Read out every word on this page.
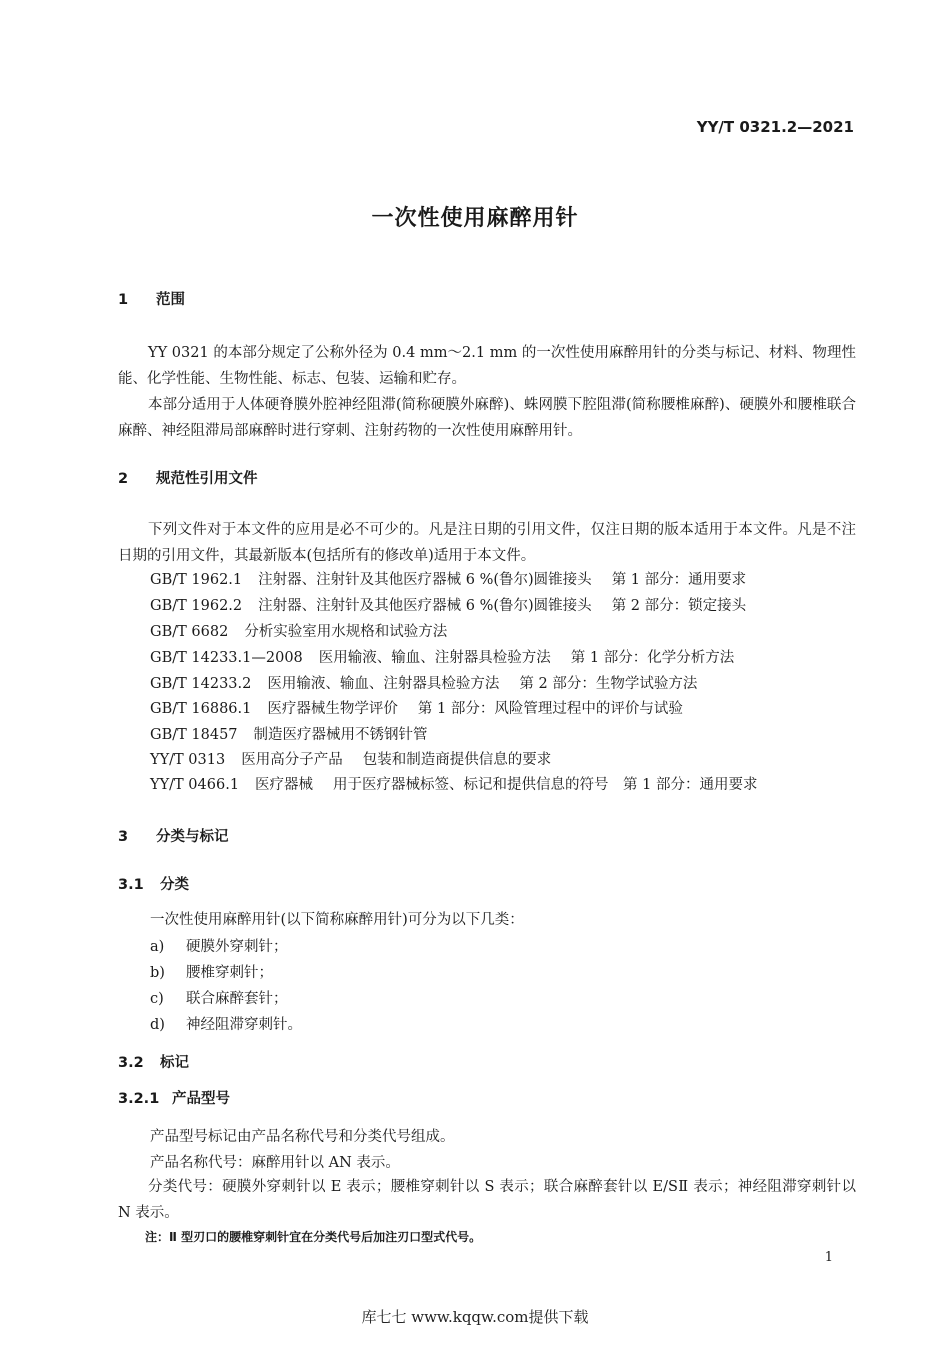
YY/T 0321.2—2021
一次性使用麻醉用针
1 范围
YY 0321 的本部分规定了公称外径为 0.4 mm～2.1 mm 的一次性使用麻醉用针的分类与标记、材料、物理性能、化学性能、生物性能、标志、包装、运输和贮存。
本部分适用于人体硬脊膜外腔神经阻滞(简称硬膜外麻醉)、蛛网膜下腔阻滞(简称腰椎麻醉)、硬膜外和腰椎联合麻醉、神经阻滞局部麻醉时进行穿刺、注射药物的一次性使用麻醉用针。
2 规范性引用文件
下列文件对于本文件的应用是必不可少的。凡是注日期的引用文件，仅注日期的版本适用于本文件。凡是不注日期的引用文件，其最新版本(包括所有的修改单)适用于本文件。
GB/T 1962.1 注射器、注射针及其他医疗器械 6 %(鲁尔)圆锥接头 第 1 部分：通用要求
GB/T 1962.2 注射器、注射针及其他医疗器械 6 %(鲁尔)圆锥接头 第 2 部分：锁定接头
GB/T 6682 分析实验室用水规格和试验方法
GB/T 14233.1—2008 医用输液、输血、注射器具检验方法 第 1 部分：化学分析方法
GB/T 14233.2 医用输液、输血、注射器具检验方法 第 2 部分：生物学试验方法
GB/T 16886.1 医疗器械生物学评价 第 1 部分：风险管理过程中的评价与试验
GB/T 18457 制造医疗器械用不锈钢针管
YY/T 0313 医用高分子产品 包装和制造商提供信息的要求
YY/T 0466.1 医疗器械 用于医疗器械标签、标记和提供信息的符号　第 1 部分：通用要求
3 分类与标记
3.1 分类
一次性使用麻醉用针(以下简称麻醉用针)可分为以下几类：
a) 硬膜外穿刺针；
b) 腰椎穿刺针；
c) 联合麻醉套针；
d) 神经阻滞穿刺针。
3.2 标记
3.2.1 产品型号
产品型号标记由产品名称代号和分类代号组成。
产品名称代号：麻醉用针以 AN 表示。
分类代号：硬膜外穿刺针以 E 表示；腰椎穿刺针以 S 表示；联合麻醉套针以 E/SⅡ 表示；神经阻滞穿刺针以 N 表示。
注：Ⅱ 型刃口的腰椎穿刺针宜在分类代号后加注刃口型式代号。
1
库七七 www.kqqw.com提供下载
